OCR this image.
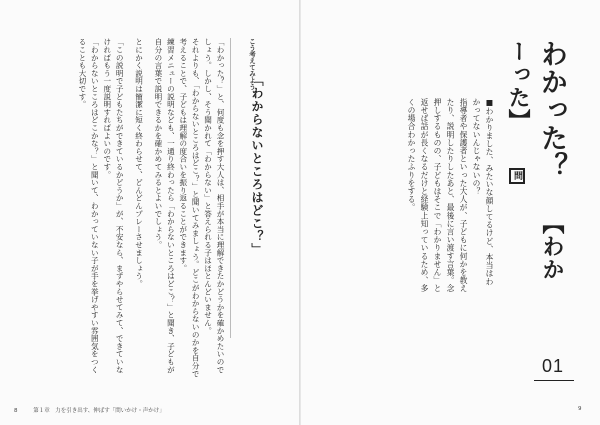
こう考えてみよう
「わからないところはどこ？」

「わかった？」と、何度も念を押す大人は、相手が本当に理解できたかどうかを確かめたいのでしょう。しかし、そう聞かれて「わからない」と答えられる子はほとんどいません。

それよりも、「わからないところはどこ？」と聞いてみましょう。どこがわからないのかを自分で考えることで、子どもは理解の度合いを振り返ることができます。

練習メニューの説明なども、一通り終わったら「わからないところはどこ？」と聞き、子どもが自分の言葉で説明できるかを確かめてみるとよいでしょう。

とにかく説明は簡潔に短く終わらせて、どんどんプレーさせましょう。

「この説明で子どもたちができているかどうか」が、不安なら、まずやらせてみて、できていなければもう一度説明すればよいのです。

「わからないところはどこかな？」と聞いて、わかっていない子が手を挙げやすい雰囲気をつくることも大切です。

8	第１章　力を引き出す、伸ばす「問いかけ・声かけ」
わかった？ 【わかーった】 問

■わかりました、みたいな顔してるけど、本当はわかってないんじゃないの？

指導者や保護者といった大人が、子どもに何かを教えたり、説明したりしたあと、最後に言い渡す言葉。念押しするものの、子どもはそこで「わかりません」と返せば話が長くなるだけと経験上知っているため、多くの場合わかったふりをする。

01
9
